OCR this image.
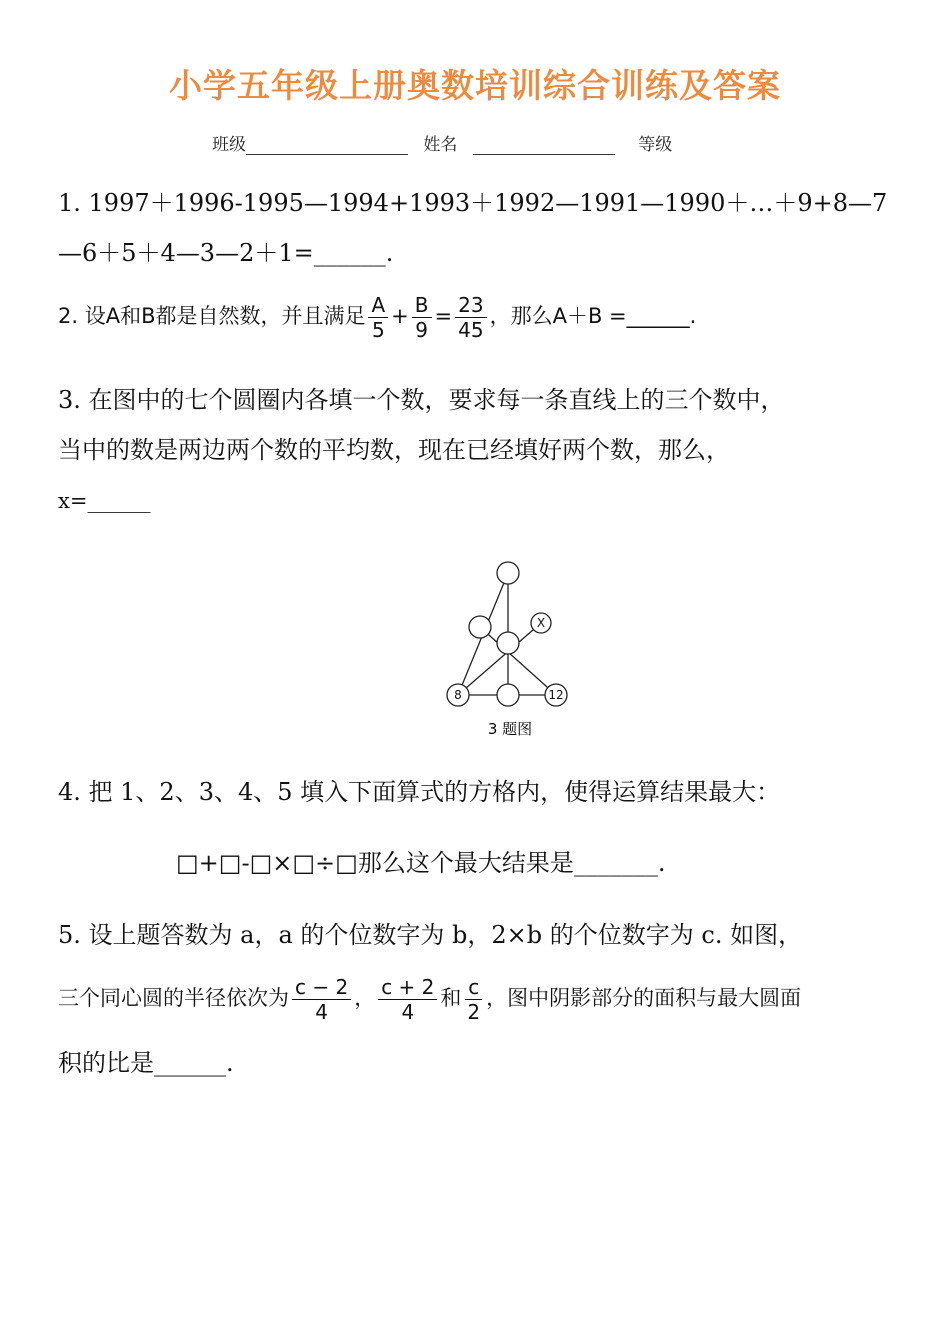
小学五年级上册奥数培训综合训练及答案
班级	姓名	等级
1. 1997＋1996-1995—1994+1993＋1992—1991—1990＋…＋9+8—7
—6＋5＋4—3—2＋1=______.
2. 设A和B都是自然数，并且满足 $\frac{A}{5} + \frac{B}{9} = \frac{23}{45}$ ，那么A＋B =______.
3. 在图中的七个圆圈内各填一个数，要求每一条直线上的三个数中，
当中的数是两边两个数的平均数，现在已经填好两个数，那么，
x=______
X
8	12
3 题图
4. 把 1、2、3、4、5 填入下面算式的方格内，使得运算结果最大：
□+□-□×□÷□那么这个最大结果是_______.
5. 设上题答数为 a，a 的个位数字为 b，2×b 的个位数字为 c. 如图，
三个同心圆的半径依次为 $\frac{c - 2}{4}$ ， $\frac{c + 2}{4}$ 和 $\frac{c}{2}$ ，图中阴影部分的面积与最大圆面
积的比是______.
